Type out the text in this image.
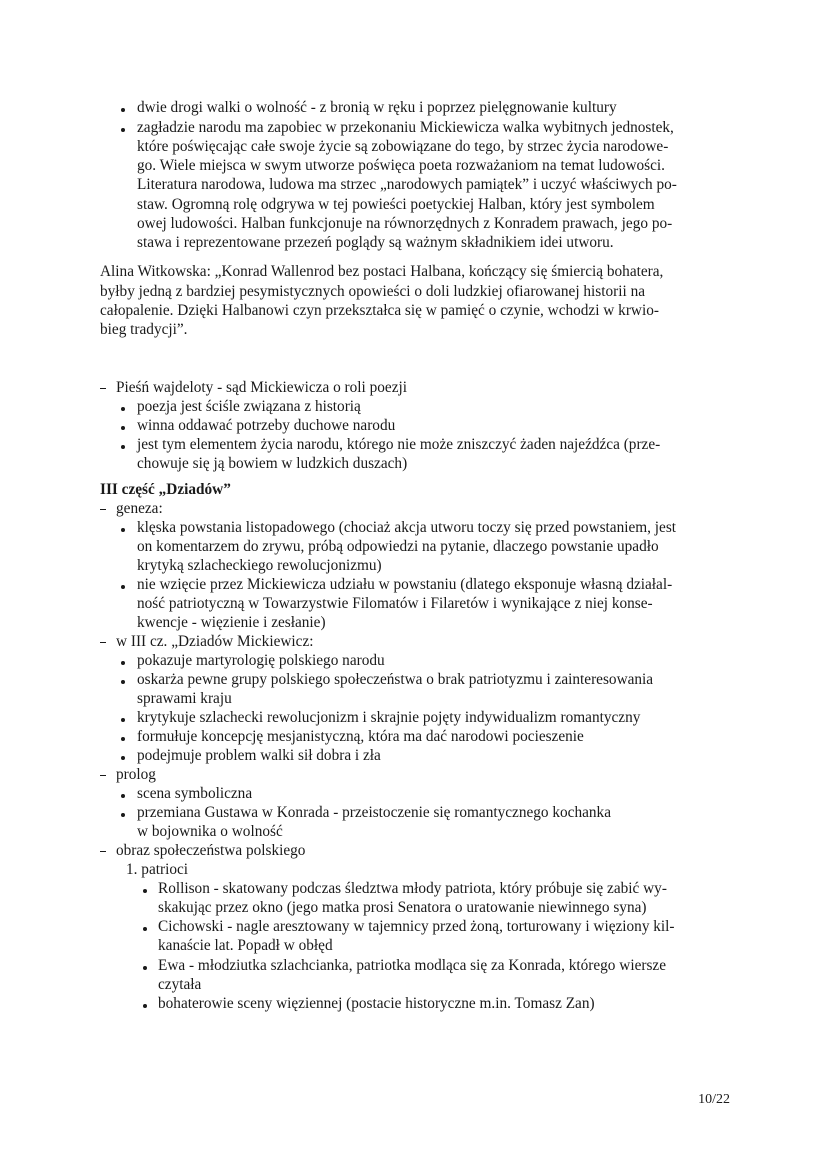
dwie drogi walki o wolność - z bronią w ręku i poprzez pielęgnowanie kultury
zagładzie narodu ma zapobiec w przekonaniu Mickiewicza walka wybitnych jednostek,
które poświęcając całe swoje życie są zobowiązane do tego, by strzec życia narodowe-
go. Wiele miejsca w swym utworze poświęca poeta rozważaniom na temat ludowości.
Literatura narodowa, ludowa ma strzec „narodowych pamiątek” i uczyć właściwych po-
staw. Ogromną rolę odgrywa w tej powieści poetyckiej Halban, który jest symbolem
owej ludowości. Halban funkcjonuje na równorzędnych z Konradem prawach, jego po-
stawa i reprezentowane przezeń poglądy są ważnym składnikiem idei utworu.
Alina Witkowska: „Konrad Wallenrod bez postaci Halbana, kończący się śmiercią bohatera,
byłby jedną z bardziej pesymistycznych opowieści o doli ludzkiej ofiarowanej historii na
całopalenie. Dzięki Halbanowi czyn przekształca się w pamięć o czynie, wchodzi w krwio-
bieg tradycji”.
Pieśń wajdeloty - sąd Mickiewicza o roli poezji
poezja jest ściśle związana z historią
winna oddawać potrzeby duchowe narodu
jest tym elementem życia narodu, którego nie może zniszczyć żaden najeźdźca (prze-
chowuje się ją bowiem w ludzkich duszach)
III część „Dziadów”
geneza:
klęska powstania listopadowego (chociaż akcja utworu toczy się przed powstaniem, jest
on komentarzem do zrywu, próbą odpowiedzi na pytanie, dlaczego powstanie upadło
krytyką szlacheckiego rewolucjonizmu)
nie wzięcie przez Mickiewicza udziału w powstaniu (dlatego eksponuje własną działal-
ność patriotyczną w Towarzystwie Filomatów i Filaretów i wynikające z niej konse-
kwencje - więzienie i zesłanie)
w III cz. „Dziadów Mickiewicz:
pokazuje martyrologię polskiego narodu
oskarża pewne grupy polskiego społeczeństwa o brak patriotyzmu i zainteresowania
sprawami kraju
krytykuje szlachecki rewolucjonizm i skrajnie pojęty indywidualizm romantyczny
formułuje koncepcję mesjanistyczną, która ma dać narodowi pocieszenie
podejmuje problem walki sił dobra i zła
prolog
scena symboliczna
przemiana Gustawa w Konrada - przeistoczenie się romantycznego kochanka
w bojownika o wolność
obraz społeczeństwa polskiego
1. patrioci
Rollison - skatowany podczas śledztwa młody patriota, który próbuje się zabić wy-
skakując przez okno (jego matka prosi Senatora o uratowanie niewinnego syna)
Cichowski - nagle aresztowany w tajemnicy przed żoną, torturowany i więziony kil-
kanaście lat. Popadł w obłęd
Ewa - młodziutka szlachcianka, patriotka modląca się za Konrada, którego wiersze
czytała
bohaterowie sceny więziennej (postacie historyczne m.in. Tomasz Zan)
10/22
